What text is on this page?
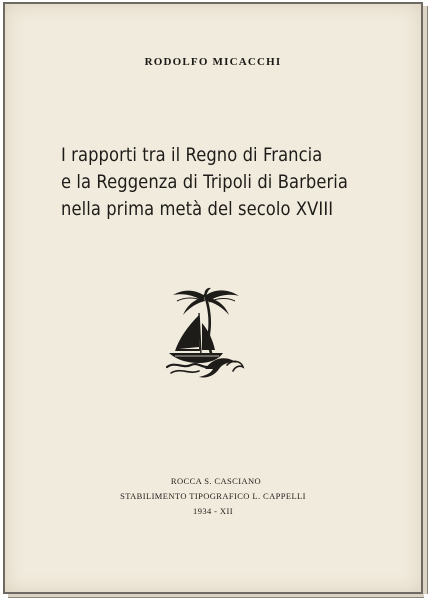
RODOLFO MICACCHI
I rapporti tra il Regno di Francia
e la Reggenza di Tripoli di Barberia
nella prima metà del secolo XVIII
ROCCA S. CASCIANO
STABILIMENTO TIPOGRAFICO L. CAPPELLI
1934 - XII
